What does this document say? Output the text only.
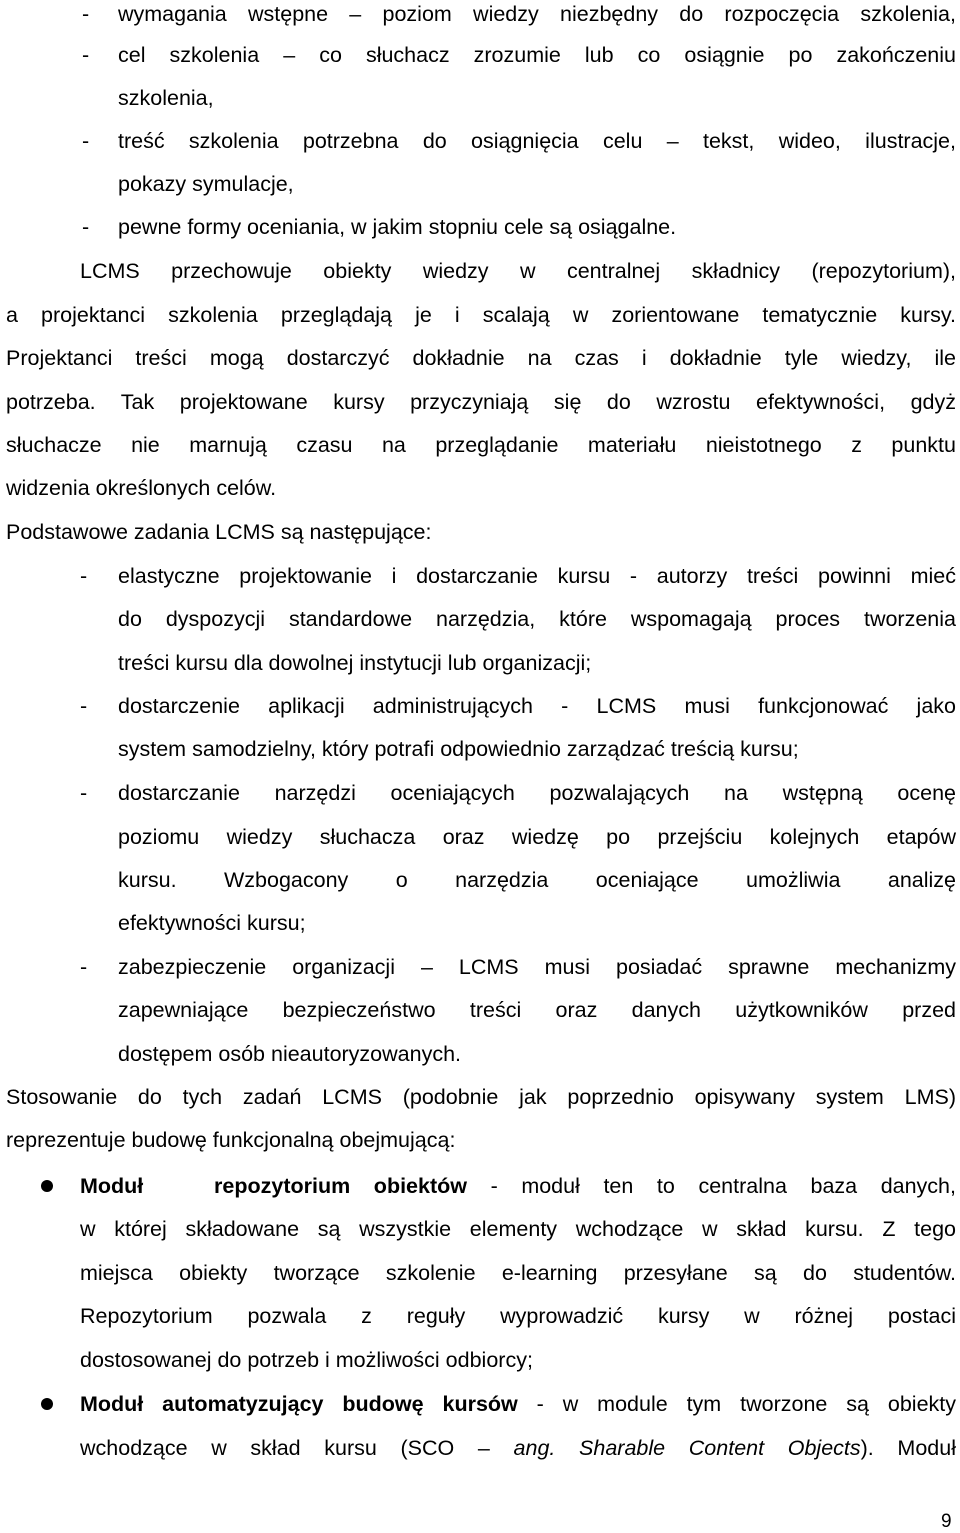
-	wymagania wstępne – poziom wiedzy niezbędny do rozpoczęcia szkolenia,
-	cel szkolenia – co słuchacz zrozumie lub co osiągnie po zakończeniu
szkolenia,
-	treść szkolenia potrzebna do osiągnięcia celu – tekst, wideo, ilustracje,
pokazy symulacje,
-	pewne formy oceniania, w jakim stopniu cele są osiągalne.
LCMS przechowuje obiekty wiedzy w centralnej składnicy (repozytorium),
a projektanci szkolenia przeglądają je i scalają w zorientowane tematycznie kursy.
Projektanci treści mogą dostarczyć dokładnie na czas i dokładnie tyle wiedzy, ile
potrzeba. Tak projektowane kursy przyczyniają się do wzrostu efektywności, gdyż
słuchacze nie marnują czasu na przeglądanie materiału nieistotnego z punktu
widzenia określonych celów.
Podstawowe zadania LCMS są następujące:
-	elastyczne projektowanie i dostarczanie kursu - autorzy treści powinni mieć
do dyspozycji standardowe narzędzia, które wspomagają proces tworzenia
treści kursu dla dowolnej instytucji lub organizacji;
-	dostarczenie aplikacji administrujących - LCMS musi funkcjonować jako
system samodzielny, który potrafi odpowiednio zarządzać treścią kursu;
-	dostarczanie narzędzi oceniających pozwalających na wstępną ocenę
poziomu wiedzy słuchacza oraz wiedzę po przejściu kolejnych etapów
kursu. Wzbogacony o narzędzia oceniające umożliwia analizę
efektywności kursu;
-	zabezpieczenie organizacji – LCMS musi posiadać sprawne mechanizmy
zapewniające bezpieczeństwo treści oraz danych użytkowników przed
dostępem osób nieautoryzowanych.
Stosowanie do tych zadań LCMS (podobnie jak poprzednio opisywany system LMS)
reprezentuje budowę funkcjonalną obejmującą:
Moduł   repozytorium obiektów - moduł ten to centralna baza danych,
w której składowane są wszystkie elementy wchodzące w skład kursu. Z tego
miejsca obiekty tworzące szkolenie e-learning przesyłane są do studentów.
Repozytorium pozwala z reguły wyprowadzić kursy w różnej postaci
dostosowanej do potrzeb i możliwości odbiorcy;
Moduł automatyzujący budowę kursów - w module tym tworzone są obiekty
wchodzące w skład kursu (SCO – ang. Sharable Content Objects). Moduł
9
